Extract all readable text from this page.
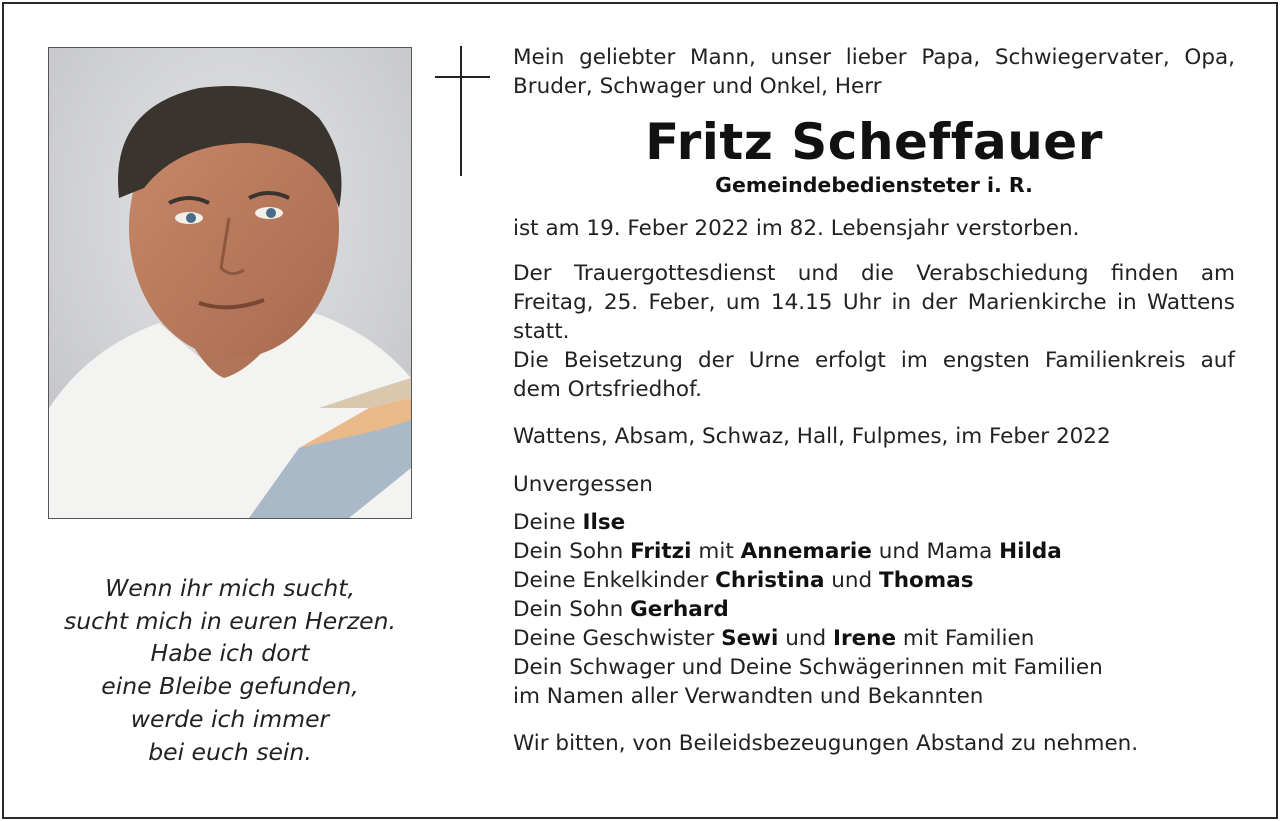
Wenn ihr mich sucht,
sucht mich in euren Herzen.
Habe ich dort
eine Bleibe gefunden,
werde ich immer
bei euch sein.
Mein geliebter Mann, unser lieber Papa, Schwiegervater, Opa,
Bruder, Schwager und Onkel, Herr
Fritz Scheffauer
Gemeindebediensteter i. R.
ist am 19. Feber 2022 im 82. Lebensjahr verstorben.
Der Trauergottesdienst und die Verabschiedung finden am
Freitag, 25. Feber, um 14.15 Uhr in der Marienkirche in Wattens
statt.
Die Beisetzung der Urne erfolgt im engsten Familienkreis auf
dem Ortsfriedhof.
Wattens, Absam, Schwaz, Hall, Fulpmes, im Feber 2022
Unvergessen
Deine Ilse
Dein Sohn Fritzi mit Annemarie und Mama Hilda
Deine Enkelkinder Christina und Thomas
Dein Sohn Gerhard
Deine Geschwister Sewi und Irene mit Familien
Dein Schwager und Deine Schwägerinnen mit Familien
im Namen aller Verwandten und Bekannten
Wir bitten, von Beileidsbezeugungen Abstand zu nehmen.
